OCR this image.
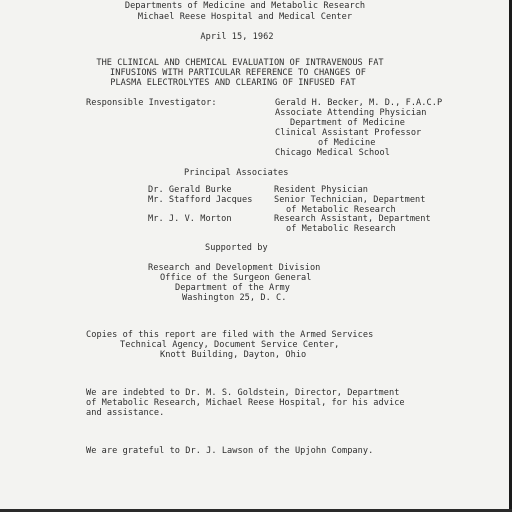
Departments of Medicine and Metabolic Research
Michael Reese Hospital and Medical Center
April 15, 1962
THE CLINICAL AND CHEMICAL EVALUATION OF INTRAVENOUS FAT
INFUSIONS WITH PARTICULAR REFERENCE TO CHANGES OF
PLASMA ELECTROLYTES AND CLEARING OF INFUSED FAT
Responsible Investigator:	Gerald H. Becker, M. D., F.A.C.P
Associate Attending Physician
Department of Medicine
Clinical Assistant Professor
of Medicine
Chicago Medical School
Principal Associates
Dr. Gerald Burke
Mr. Stafford Jacques
Mr. J. V. Morton
Resident Physician
Senior Technician, Department
of Metabolic Research
Research Assistant, Department
of Metabolic Research
Supported by
Research and Development Division
Office of the Surgeon General
Department of the Army
Washington 25, D. C.
Copies of this report are filed with the Armed Services
Technical Agency, Document Service Center,
Knott Building, Dayton, Ohio
We are indebted to Dr. M. S. Goldstein, Director, Department
of Metabolic Research, Michael Reese Hospital, for his advice
and assistance.
We are grateful to Dr. J. Lawson of the Upjohn Company.
